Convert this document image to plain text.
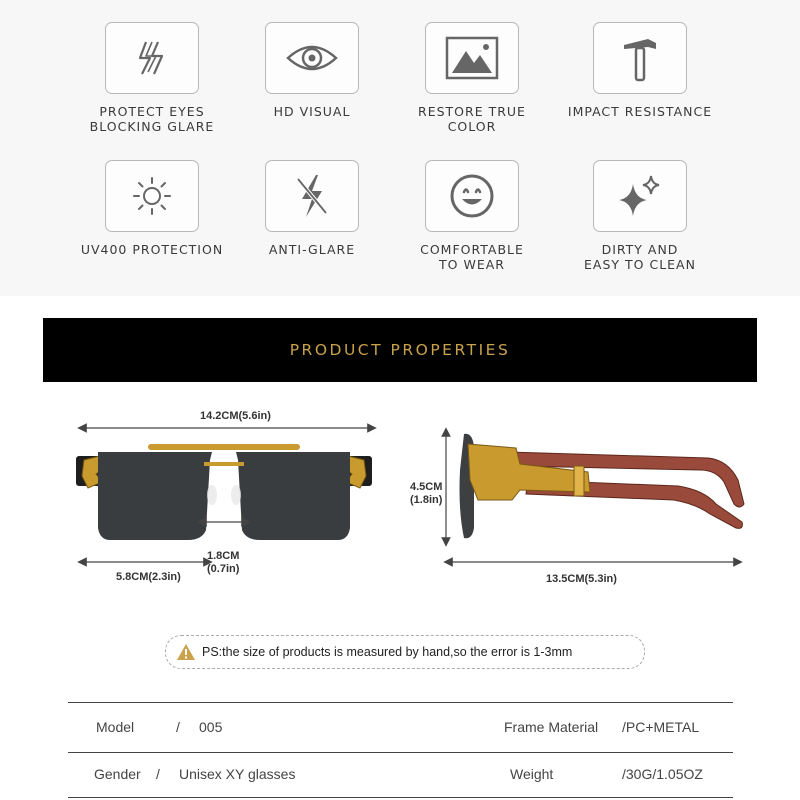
PROTECT EYES
BLOCKING GLARE
HD VISUAL	RESTORE TRUE COLOR
IMPACT RESISTANCE
UV400 PROTECTION	ANTI-GLARE	COMFORTABLE
TO WEAR
DIRTY AND
EASY TO CLEAN
PRODUCT PROPERTIES
14.2CM(5.6in)
1.8CM
(0.7in)
5.8CM(2.3in)
4.5CM
(1.8in)
13.5CM(5.3in)
PS:the size of products is measured by hand,so the error is 1-3mm
Model	/ 005	Frame Material /PC+METAL
Gender / Unisex XY glasses	Weight	/30G/1.05OZ
